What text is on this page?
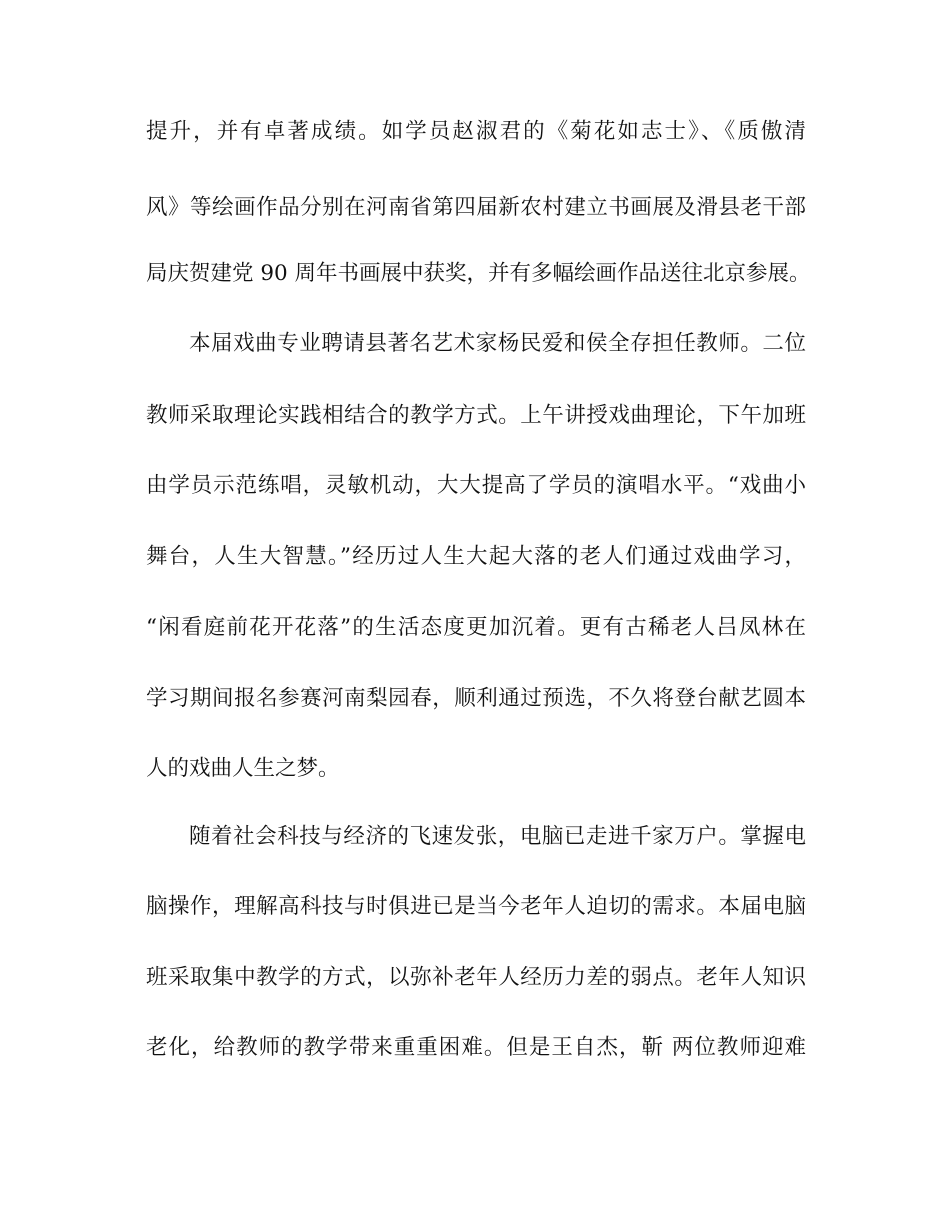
提升，并有卓著成绩。如学员赵淑君的《菊花如志士》、《质傲清
风》等绘画作品分别在河南省第四届新农村建立书画展及滑县老干部
局庆贺建党 90 周年书画展中获奖，并有多幅绘画作品送往北京参展。
本届戏曲专业聘请县著名艺术家杨民爱和侯全存担任教师。二位
教师采取理论实践相结合的教学方式。上午讲授戏曲理论，下午加班
由学员示范练唱，灵敏机动，大大提高了学员的演唱水平。“戏曲小
舞台，人生大智慧。”经历过人生大起大落的老人们通过戏曲学习，
“闲看庭前花开花落”的生活态度更加沉着。更有古稀老人吕凤林在
学习期间报名参赛河南梨园春，顺利通过预选，不久将登台献艺圆本
人的戏曲人生之梦。
随着社会科技与经济的飞速发张，电脑已走进千家万户。掌握电
脑操作，理解高科技与时俱进已是当今老年人迫切的需求。本届电脑
班采取集中教学的方式，以弥补老年人经历力差的弱点。老年人知识
老化，给教师的教学带来重重困难。但是王自杰，靳 两位教师迎难
